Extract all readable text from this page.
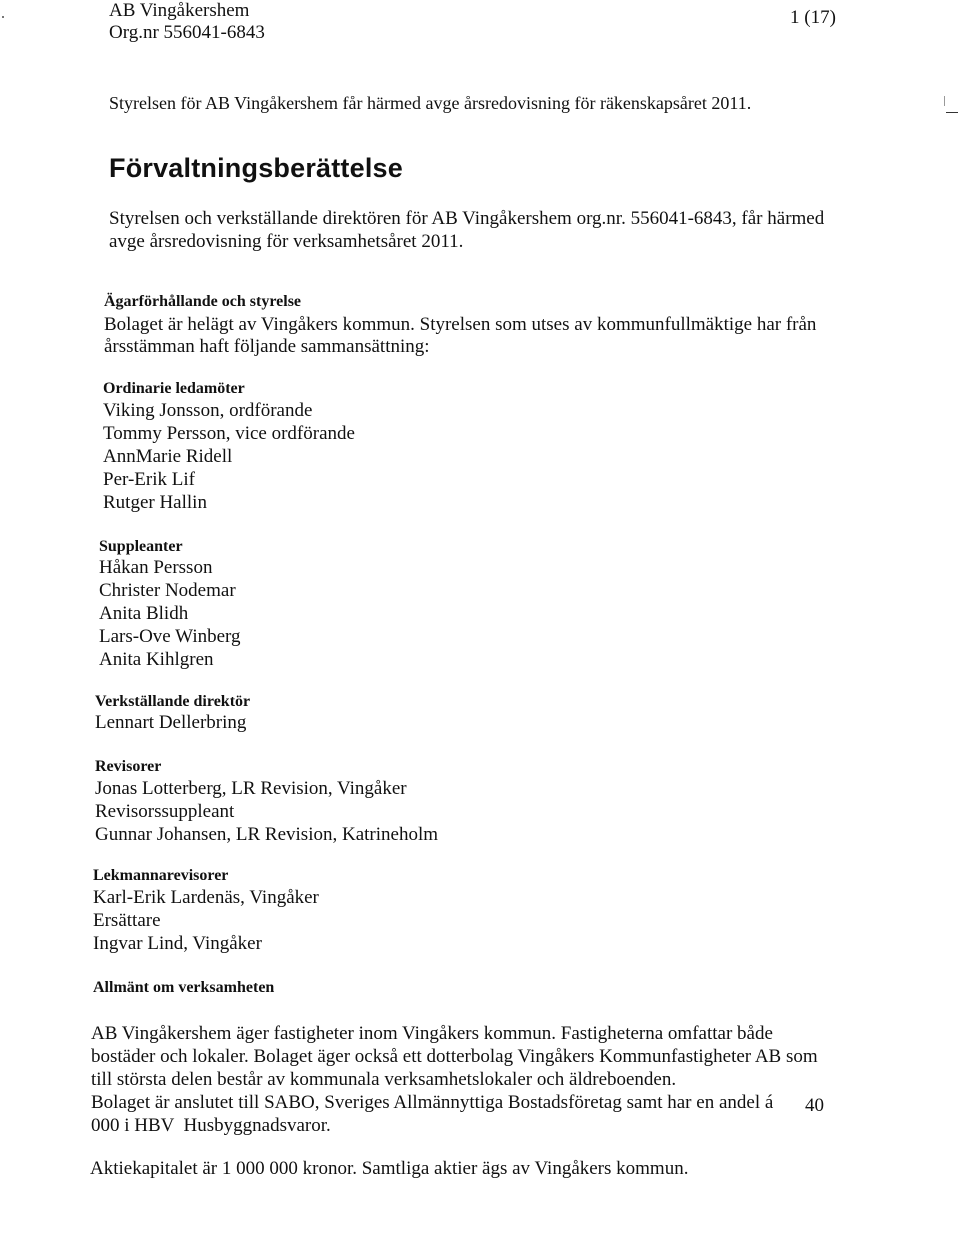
AB Vingåkershem
Org.nr 556041-6843
1 (17)
Styrelsen för AB Vingåkershem får härmed avge årsredovisning för räkenskapsåret 2011.
Förvaltningsberättelse
Styrelsen och verkställande direktören för AB Vingåkershem org.nr. 556041-6843, får härmed
avge årsredovisning för verksamhetsåret 2011.
Ägarförhållande och styrelse
Bolaget är helägt av Vingåkers kommun. Styrelsen som utses av kommunfullmäktige har från
årsstämman haft följande sammansättning:
Ordinarie ledamöter
Viking Jonsson, ordförande
Tommy Persson, vice ordförande
AnnMarie Ridell
Per-Erik Lif
Rutger Hallin
Suppleanter
Håkan Persson
Christer Nodemar
Anita Blidh
Lars-Ove Winberg
Anita Kihlgren
Verkställande direktör
Lennart Dellerbring
Revisorer
Jonas Lotterberg, LR Revision, Vingåker
Revisorssuppleant
Gunnar Johansen, LR Revision, Katrineholm
Lekmannarevisorer
Karl-Erik Lardenäs, Vingåker
Ersättare
Ingvar Lind, Vingåker
Allmänt om verksamheten
AB Vingåkershem äger fastigheter inom Vingåkers kommun. Fastigheterna omfattar både
bostäder och lokaler. Bolaget äger också ett dotterbolag Vingåkers Kommunfastigheter AB som
till största delen består av kommunala verksamhetslokaler och äldreboenden.
Bolaget är anslutet till SABO, Sveriges Allmännyttiga Bostadsföretag samt har en andel á 40
000 i HBV  Husbyggnadsvaror.
Aktiekapitalet är 1 000 000 kronor. Samtliga aktier ägs av Vingåkers kommun.
